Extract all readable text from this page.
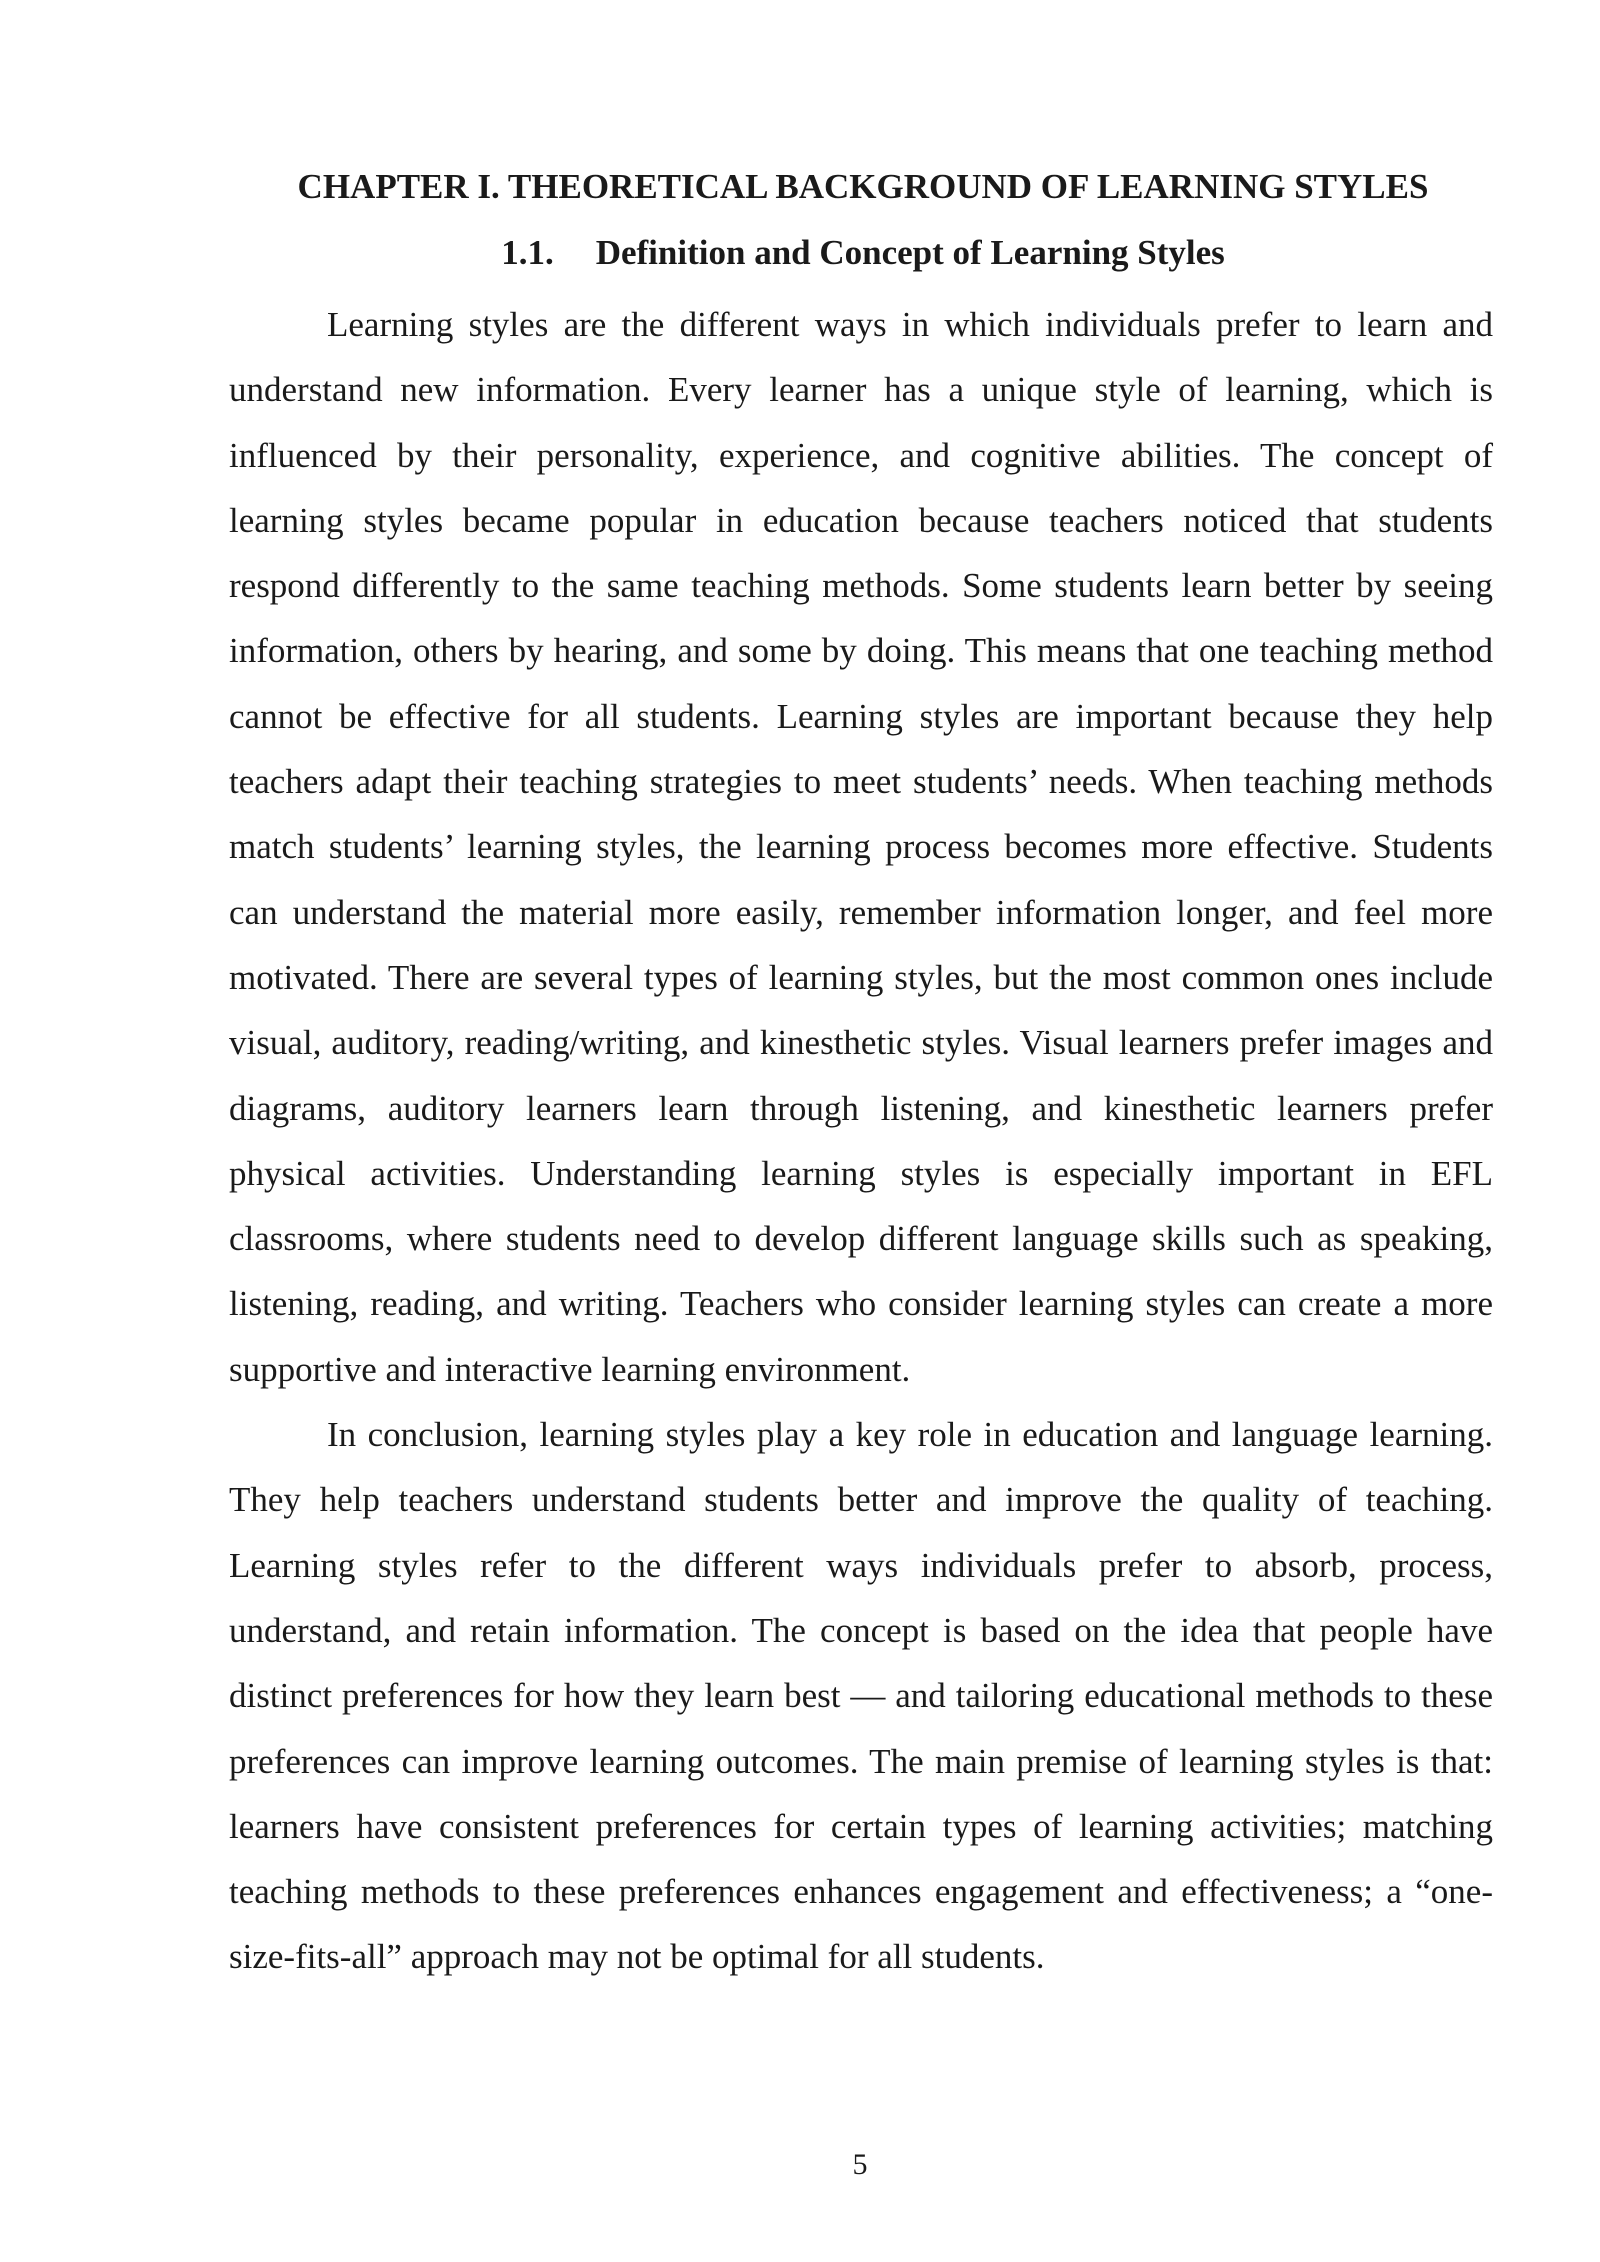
CHAPTER I. THEORETICAL BACKGROUND OF LEARNING STYLES
1.1. Definition and Concept of Learning Styles

Learning styles are the different ways in which individuals prefer to learn and understand new information. Every learner has a unique style of learning, which is influenced by their personality, experience, and cognitive abilities. The concept of learning styles became popular in education because teachers noticed that students respond differently to the same teaching methods. Some students learn better by seeing information, others by hearing, and some by doing. This means that one teaching method cannot be effective for all students. Learning styles are important because they help teachers adapt their teaching strategies to meet students’ needs. When teaching methods match students’ learning styles, the learning process becomes more effective. Students can understand the material more easily, remember information longer, and feel more motivated. There are several types of learning styles, but the most common ones include visual, auditory, reading/writing, and kinesthetic styles. Visual learners prefer images and diagrams, auditory learners learn through listening, and kinesthetic learners prefer physical activities. Understanding learning styles is especially important in EFL classrooms, where students need to develop different language skills such as speaking, listening, reading, and writing. Teachers who consider learning styles can create a more supportive and interactive learning environment.

In conclusion, learning styles play a key role in education and language learning. They help teachers understand students better and improve the quality of teaching. Learning styles refer to the different ways individuals prefer to absorb, process, understand, and retain information. The concept is based on the idea that people have distinct preferences for how they learn best — and tailoring educational methods to these preferences can improve learning outcomes. The main premise of learning styles is that: learners have consistent preferences for certain types of learning activities; matching teaching methods to these preferences enhances engagement and effectiveness; a “one-size-fits-all” approach may not be optimal for all students.

5
